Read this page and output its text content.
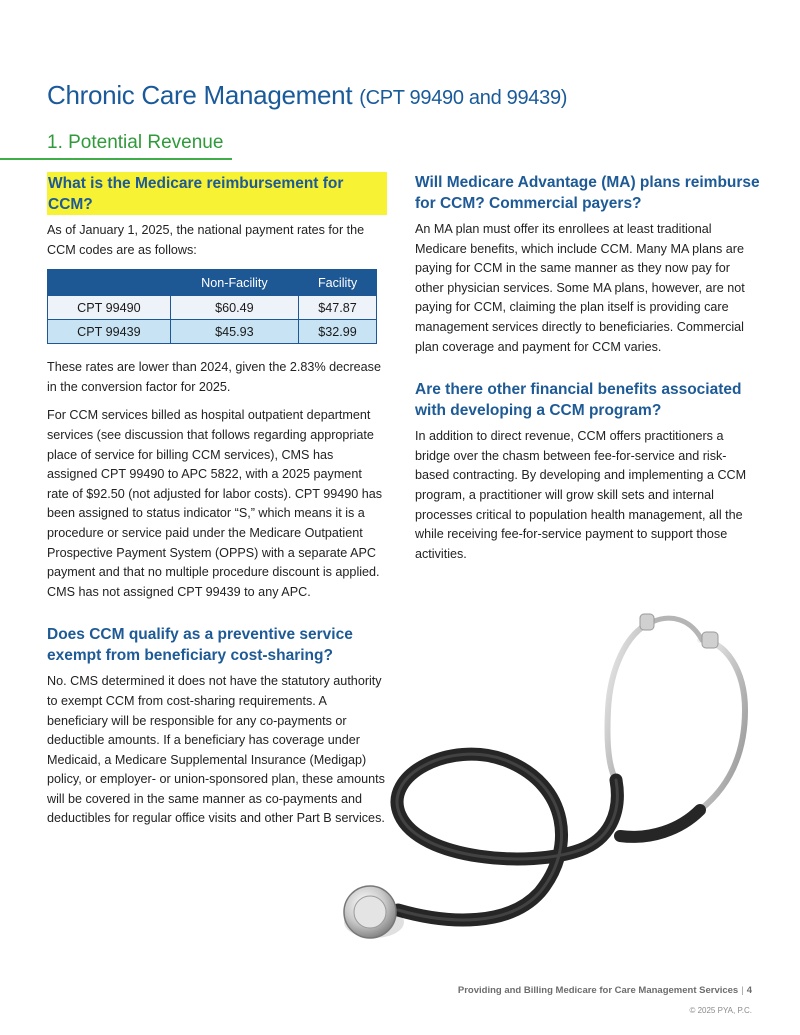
Chronic Care Management (CPT 99490 and 99439)
1. Potential Revenue
What is the Medicare reimbursement for CCM?

As of January 1, 2025, the national payment rates for the CCM codes are as follows:

	Non-Facility	Facility
CPT 99490	$60.49	$47.87
CPT 99439	$45.93	$32.99

These rates are lower than 2024, given the 2.83% decrease in the conversion factor for 2025.

For CCM services billed as hospital outpatient department services (see discussion that follows regarding appropriate place of service for billing CCM services), CMS has assigned CPT 99490 to APC 5822, with a 2025 payment rate of $92.50 (not adjusted for labor costs). CPT 99490 has been assigned to status indicator “S,” which means it is a procedure or service paid under the Medicare Outpatient Prospective Payment System (OPPS) with a separate APC payment and that no multiple procedure discount is applied. CMS has not assigned CPT 99439 to any APC.

Does CCM qualify as a preventive service exempt from beneficiary cost-sharing?

No. CMS determined it does not have the statutory authority to exempt CCM from cost-sharing requirements. A beneficiary will be responsible for any co-payments or deductible amounts. If a beneficiary has coverage under Medicaid, a Medicare Supplemental Insurance (Medigap) policy, or employer- or union-sponsored plan, these amounts will be covered in the same manner as co-payments and deductibles for regular office visits and other Part B services.

Will Medicare Advantage (MA) plans reimburse for CCM? Commercial payers?

An MA plan must offer its enrollees at least traditional Medicare benefits, which include CCM. Many MA plans are paying for CCM in the same manner as they now pay for other physician services. Some MA plans, however, are not paying for CCM, claiming the plan itself is providing care management services directly to beneficiaries. Commercial plan coverage and payment for CCM varies.

Are there other financial benefits associated with developing a CCM program?

In addition to direct revenue, CCM offers practitioners a bridge over the chasm between fee-for-service and risk-based contracting. By developing and implementing a CCM program, a practitioner will grow skill sets and internal processes critical to population health management, all the while receiving fee-for-service payment to support those activities.

Providing and Billing Medicare for Care Management Services | 4
© 2025 PYA, P.C.
